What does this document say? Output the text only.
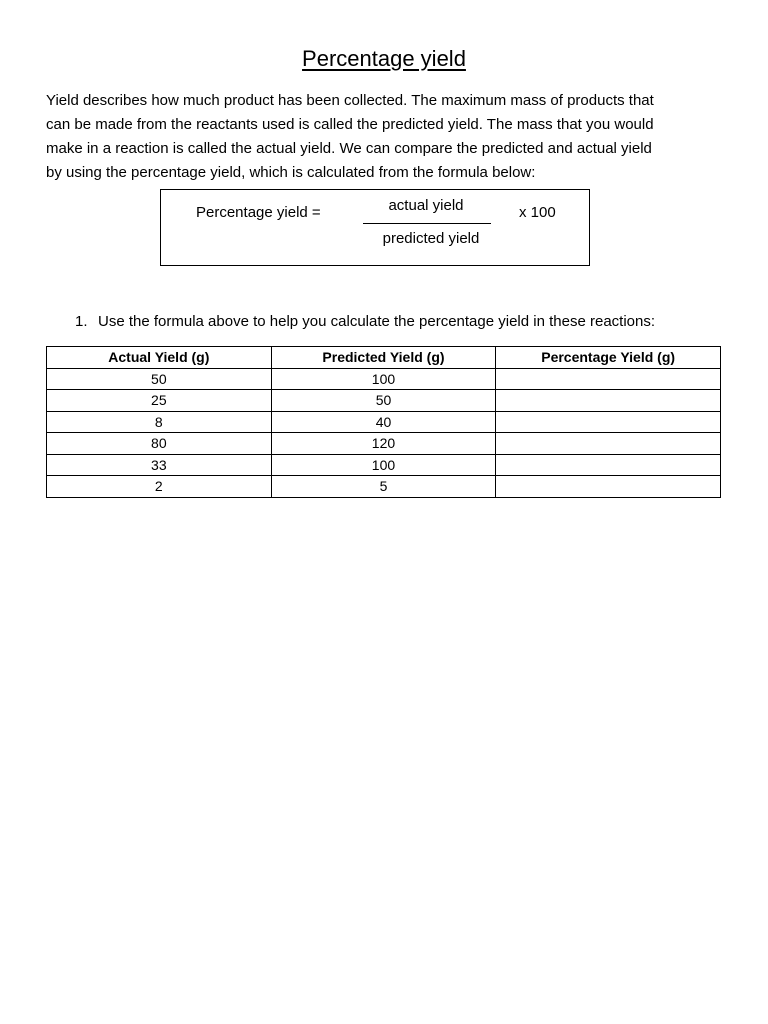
Percentage yield

Yield describes how much product has been collected. The maximum mass of products that
can be made from the reactants used is called the predicted yield. The mass that you would
make in a reaction is called the actual yield. We can compare the predicted and actual yield
by using the percentage yield, which is calculated from the formula below:

Percentage yield =	actual yield
predicted yield
x 100
1. Use the formula above to help you calculate the percentage yield in these reactions:
Actual Yield (g)	Predicted Yield (g)	Percentage Yield (g)
50	100	
25	50	
8	40	
80	120	
33	100	
2	5	
